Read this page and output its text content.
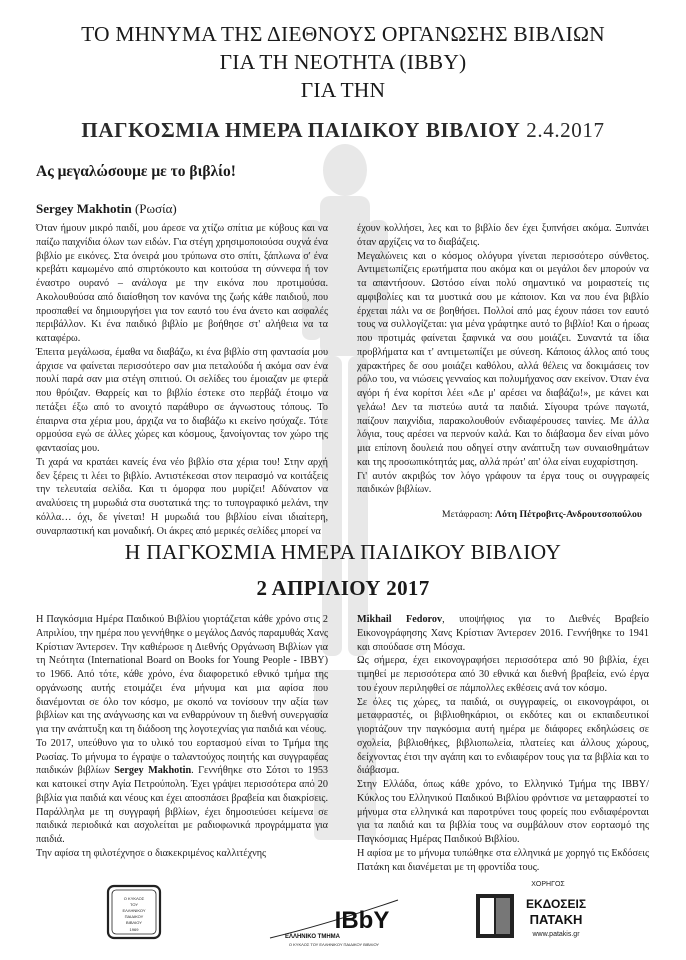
ΤΟ ΜΗΝΥΜΑ ΤΗΣ ΔΙΕΘΝΟΥΣ ΟΡΓΑΝΩΣΗΣ ΒΙΒΛΙΩΝ
ΓΙΑ ΤΗ ΝΕΟΤΗΤΑ (IBBY)
ΓΙΑ ΤΗΝ
ΠΑΓΚΟΣΜΙΑ ΗΜΕΡΑ ΠΑΙΔΙΚΟΥ ΒΙΒΛΙΟΥ 2.4.2017
Ας μεγαλώσουμε με το βιβλίο!
Sergey Makhotin (Ρωσία)

Όταν ήμουν μικρό παιδί, μου άρεσε να χτίζω σπίτια με κύβους και να παίζω παιχνίδια όλων των ειδών. Για στέγη χρησιμοποιούσα συχνά ένα βιβλίο με εικόνες. Στα όνειρά μου τρύπωνα στο σπίτι, ξάπλωνα σ' ένα κρεβάτι καμωμένο από σπιρτόκουτο και κοιτούσα τη σύννεφα ή τον έναστρο ουρανό – ανάλογα με την εικόνα που προτιμούσα. Ακολουθούσα από διαίσθηση τον κανόνα της ζωής κάθε παιδιού, που προσπαθεί να δημιουργήσει για τον εαυτό του ένα άνετο και ασφαλές περιβάλλον. Κι ένα παιδικό βιβλίο με βοήθησε στ' αλήθεια να τα καταφέρω.

Έπειτα μεγάλωσα, έμαθα να διαβάζω, κι ένα βιβλίο στη φαντασία μου άρχισε να φαίνεται περισσότερο σαν μια πεταλούδα ή ακόμα σαν ένα πουλί παρά σαν μια στέγη σπιτιού. Οι σελίδες του έμοιαζαν με φτερά που θρόιζαν. Θαρρείς και το βιβλίο έστεκε στο περβάζι έτοιμο να πετάξει έξω από το ανοιχτό παράθυρο σε άγνωστους τόπους. Το έπαιρνα στα χέρια μου, άρχιζα να το διαβάζω κι εκείνο ησύχαζε. Τότε ορμούσα εγώ σε άλλες χώρες και κόσμους, ξανοίγοντας τον χώρο της φαντασίας μου.

Τι χαρά να κρατάει κανείς ένα νέο βιβλίο στα χέρια του! Στην αρχή δεν ξέρεις τι λέει το βιβλίο. Αντιστέκεσαι στον πειρασμό να κοιτάξεις την τελευταία σελίδα. Και τι όμορφα που μυρίζει! Αδύνατον να αναλύσεις τη μυρωδιά στα συστατικά της: το τυπογραφικό μελάνι, την κόλλα… όχι, δε γίνεται! Η μυρωδιά του βιβλίου είναι ιδιαίτερη, συναρπαστική και μοναδική. Οι άκρες από μερικές σελίδες μπορεί να

έχουν κολλήσει, λες και το βιβλίο δεν έχει ξυπνήσει ακόμα. Ξυπνάει όταν αρχίζεις να το διαβάζεις.

Μεγαλώνεις και ο κόσμος ολόγυρα γίνεται περισσότερο σύνθετος. Αντιμετωπίζεις ερωτήματα που ακόμα και οι μεγάλοι δεν μπορούν να τα απαντήσουν. Ωστόσο είναι πολύ σημαντικό να μοιραστείς τις αμφιβολίες και τα μυστικά σου με κάποιον. Και να που ένα βιβλίο έρχεται πάλι να σε βοηθήσει. Πολλοί από μας έχουν πάσει τον εαυτό τους να συλλογίζεται: για μένα γράφτηκε αυτό το βιβλίο! Και ο ήρωας που προτιμάς φαίνεται ξαφνικά να σου μοιάζει. Συναντά τα ίδια προβλήματα και τ' αντιμετωπίζει με σύνεση. Κάποιος άλλος από τους χαρακτήρες δε σου μοιάζει καθόλου, αλλά θέλεις να δοκιμάσεις τον ρόλο του, να νιώσεις γενναίος και πολυμήχανος σαν εκείνον. Όταν ένα αγόρι ή ένα κορίτσι λέει «Δε μ' αρέσει να διαβάζω!», με κάνει και γελάω! Δεν τα πιστεύω αυτά τα παιδιά. Σίγουρα τρώνε παγωτά, παίζουν παιχνίδια, παρακολουθούν ενδιαφέρουσες ταινίες. Με άλλα λόγια, τους αρέσει να περνούν καλά. Και το διάβασμα δεν είναι μόνο μια επίπονη δουλειά που οδηγεί στην ανάπτυξη των συναισθημάτων και της προσωπικότητάς μας, αλλά πρώτ' απ' όλα είναι ευχαρίστηση.

Γι' αυτόν ακριβώς τον λόγο γράφουν τα έργα τους οι συγγραφείς παιδικών βιβλίων.

Μετάφραση: Λότη Πέτροβιτς-Ανδρουτσοπούλου
Η ΠΑΓΚΟΣΜΙΑ ΗΜΕΡΑ ΠΑΙΔΙΚΟΥ ΒΙΒΛΙΟΥ
2 ΑΠΡΙΛΙΟΥ 2017

Η Παγκόσμια Ημέρα Παιδικού Βιβλίου γιορτάζεται κάθε χρόνο στις 2 Απριλίου, την ημέρα που γεννήθηκε ο μεγάλος Δανός παραμυθάς Χανς Κρίστιαν Άντερσεν. Την καθιέρωσε η Διεθνής Οργάνωση Βιβλίων για τη Νεότητα (International Board on Books for Young People - IBBY) το 1966. Από τότε, κάθε χρόνο, ένα διαφορετικό εθνικό τμήμα της οργάνωσης αυτής ετοιμάζει ένα μήνυμα και μια αφίσα που διανέμονται σε όλο τον κόσμο, με σκοπό να τονίσουν την αξία των βιβλίων και της ανάγνωσης και να ενθαρρύνουν τη διεθνή συνεργασία για την ανάπτυξη και τη διάδοση της λογοτεχνίας για παιδιά και νέους.

Το 2017, υπεύθυνο για το υλικό του εορτασμού είναι το Τμήμα της Ρωσίας. Το μήνυμα το έγραψε ο ταλαντούχος ποιητής και συγγραφέας παιδικών βιβλίων Sergey Makhotin. Γεννήθηκε στο Σότσι το 1953 και κατοικεί στην Αγία Πετρούπολη. Έχει γράψει περισσότερα από 20 βιβλία για παιδιά και νέους και έχει αποσπάσει βραβεία και διακρίσεις. Παράλληλα με τη συγγραφή βιβλίων, έχει δημοσιεύσει κείμενα σε παιδικά περιοδικά και ασχολείται με ραδιοφωνικά προγράμματα για παιδιά.

Την αφίσα τη φιλοτέχνησε ο διακεκριμένος καλλιτέχνης

Mikhail Fedorov, υποψήφιος για το Διεθνές Βραβείο Εικονογράφησης Χανς Κρίστιαν Άντερσεν 2016. Γεννήθηκε το 1941 και σπούδασε στη Μόσχα.

Ως σήμερα, έχει εικονογραφήσει περισσότερα από 90 βιβλία, έχει τιμηθεί με περισσότερα από 30 εθνικά και διεθνή βραβεία, ενώ έργα του έχουν περιληφθεί σε πάμπολλες εκθέσεις ανά τον κόσμο.

Σε όλες τις χώρες, τα παιδιά, οι συγγραφείς, οι εικονογράφοι, οι μεταφραστές, οι βιβλιοθηκάριοι, οι εκδότες και οι εκπαιδευτικοί γιορτάζουν την παγκόσμια αυτή ημέρα με διάφορες εκδηλώσεις σε σχολεία, βιβλιοθήκες, βιβλιοπωλεία, πλατείες και άλλους χώρους, δείχνοντας έτσι την αγάπη και το ενδιαφέρον τους για τα βιβλία και το διάβασμα.

Στην Ελλάδα, όπως κάθε χρόνο, το Ελληνικό Τμήμα της IBBY/ Κύκλος του Ελληνικού Παιδικού Βιβλίου φρόντισε να μεταφραστεί το μήνυμα στα ελληνικά και παροτρύνει τους φορείς που ενδιαφέρονται για τα παιδιά και τα βιβλία τους να συμβάλουν στον εορτασμό της Παγκόσμιας Ημέρας Παιδικού Βιβλίου.

Η αφίσα με το μήνυμα τυπώθηκε στα ελληνικά με χορηγό τις Εκδόσεις Πατάκη και διανέμεται με τη φροντίδα τους.

Ο ΚΥΚΛΟΣ
ΤΟΥ
ΕΛΛΗΝΙΚΟΥ
ΠΑΙΔΙΚΟΥ
ΒΙΒΛΙΟΥ
1969	IBbY
ΕΛΛΗΝΙΚΟ ΤΜΗΜΑ
Ο ΚΥΚΛΟΣ ΤΟΥ ΕΛΛΗΝΙΚΟΥ ΠΑΙΔΙΚΟΥ ΒΙΒΛΙΟΥ
ΧΟΡΗΓΟΣ
ΕΚΔΟΣΕΙΣ
ΠΑΤΑΚΗ
www.patakis.gr
